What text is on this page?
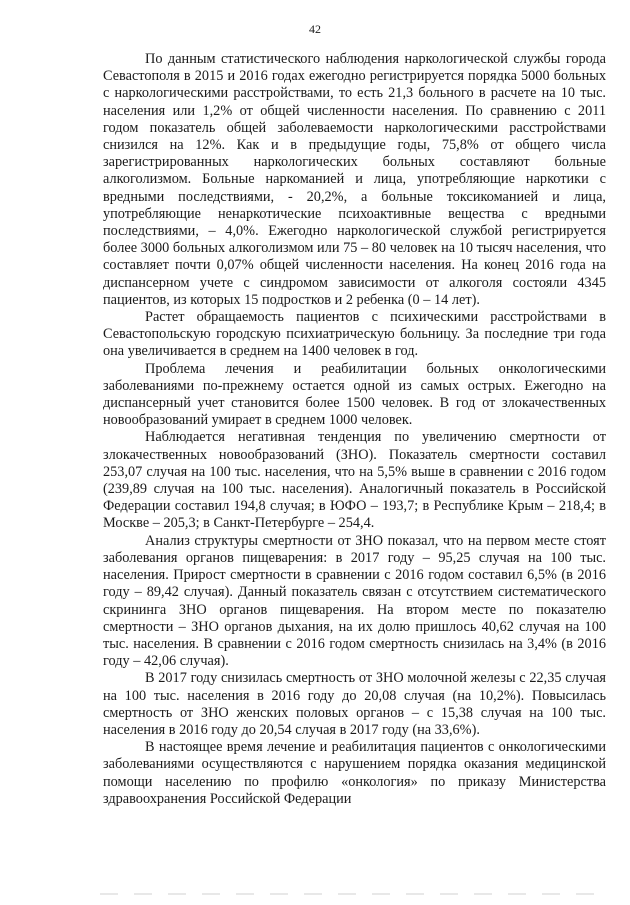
42

По данным статистического наблюдения наркологической службы города Севастополя в 2015 и 2016 годах ежегодно регистрируется порядка 5000 больных с наркологическими расстройствами, то есть 21,3 больного в расчете на 10 тыс. населения или 1,2% от общей численности населения. По сравнению с 2011 годом показатель общей заболеваемости наркологическими расстройствами снизился на 12%. Как и в предыдущие годы, 75,8% от общего числа зарегистрированных наркологических больных составляют больные алкоголизмом. Больные наркоманией и лица, употребляющие наркотики с вредными последствиями, - 20,2%, а больные токсикоманией и лица, употребляющие ненаркотические психоактивные вещества с вредными последствиями, – 4,0%. Ежегодно наркологической службой регистрируется более 3000 больных алкоголизмом или 75 – 80 человек на 10 тысяч населения, что составляет почти 0,07% общей численности населения. На конец 2016 года на диспансерном учете с синдромом зависимости от алкоголя состояли 4345 пациентов, из которых 15 подростков и 2 ребенка (0 – 14 лет).

Растет обращаемость пациентов с психическими расстройствами в Севастопольскую городскую психиатрическую больницу. За последние три года она увеличивается в среднем на 1400 человек в год.

Проблема лечения и реабилитации больных онкологическими заболеваниями по-прежнему остается одной из самых острых. Ежегодно на диспансерный учет становится более 1500 человек. В год от злокачественных новообразований умирает в среднем 1000 человек.

Наблюдается негативная тенденция по увеличению смертности от злокачественных новообразований (ЗНО). Показатель смертности составил 253,07 случая на 100 тыс. населения, что на 5,5% выше в сравнении с 2016 годом (239,89 случая на 100 тыс. населения). Аналогичный показатель в Российской Федерации составил 194,8 случая; в ЮФО – 193,7; в Республике Крым – 218,4; в Москве – 205,3; в Санкт-Петербурге – 254,4.

Анализ структуры смертности от ЗНО показал, что на первом месте стоят заболевания органов пищеварения: в 2017 году – 95,25 случая на 100 тыс. населения. Прирост смертности в сравнении с 2016 годом составил 6,5% (в 2016 году – 89,42 случая). Данный показатель связан с отсутствием систематического скрининга ЗНО органов пищеварения. На втором месте по показателю смертности – ЗНО органов дыхания, на их долю пришлось 40,62 случая на 100 тыс. населения. В сравнении с 2016 годом смертность снизилась на 3,4% (в 2016 году – 42,06 случая).

В 2017 году снизилась смертность от ЗНО молочной железы с 22,35 случая на 100 тыс. населения в 2016 году до 20,08 случая (на 10,2%). Повысилась смертность от ЗНО женских половых органов – с 15,38 случая на 100 тыс. населения в 2016 году до 20,54 случая в 2017 году (на 33,6%).

В настоящее время лечение и реабилитация пациентов с онкологическими заболеваниями осуществляются с нарушением порядка оказания медицинской помощи населению по профилю «онкология» по приказу Министерства здравоохранения Российской Федерации
